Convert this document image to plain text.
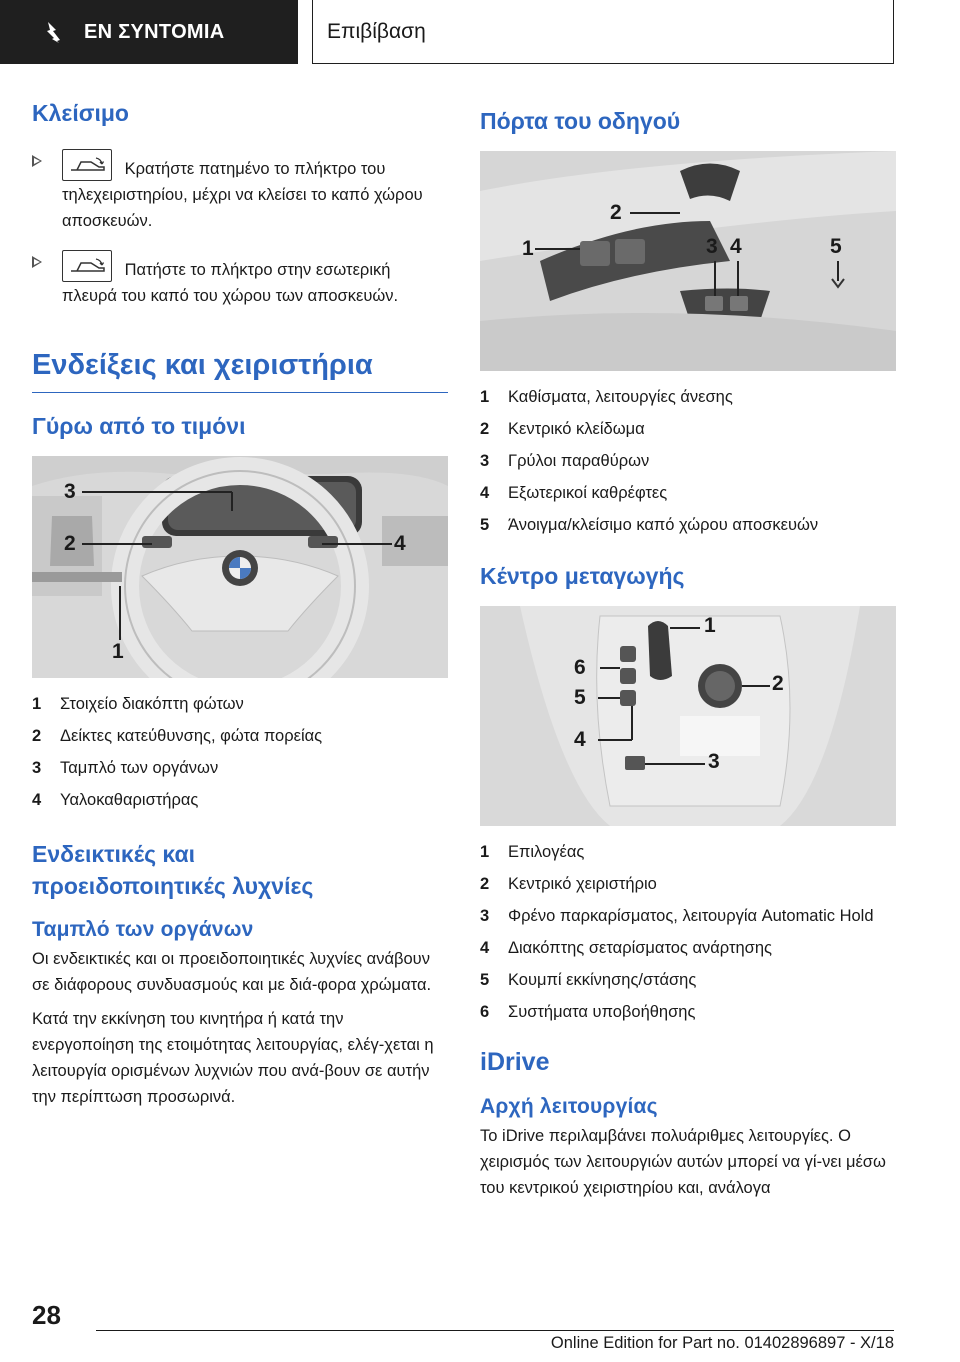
ΕΝ ΣΥΝΤΟΜΙΑ	Επιβίβαση
Κλείσιμο
Κρατήστε πατημένο το πλήκτρο του τηλεχειριστηρίου, μέχρι να κλείσει το καπό χώρου αποσκευών.
Πατήστε το πλήκτρο στην εσωτερική πλευρά του καπό του χώρου των αποσκευών.
Ενδείξεις και χειριστήρια
Γύρω από το τιμόνι
3
2	4
1
1	Στοιχείο διακόπτη φώτων
2	Δείκτες κατεύθυνσης, φώτα πορείας
3	Ταμπλό των οργάνων
4	Υαλοκαθαριστήρας
Ενδεικτικές και
προειδοποιητικές λυχνίες
Ταμπλό των οργάνων

Οι ενδεικτικές και οι προειδοποιητικές λυχνίες ανάβουν σε διάφορους συνδυασμούς και με διά-φορα χρώματα.

Κατά την εκκίνηση του κινητήρα ή κατά την ενεργοποίηση της ετοιμότητας λειτουργίας, ελέγ-χεται η λειτουργία ορισμένων λυχνιών που ανά-βουν σε αυτήν την περίπτωση προσωρινά.

Πόρτα του οδηγού
1
2
3 4	5
1	Καθίσματα, λειτουργίες άνεσης
2	Κεντρικό κλείδωμα
3	Γρύλοι παραθύρων
4	Εξωτερικοί καθρέφτες
5	Άνοιγμα/κλείσιμο καπό χώρου αποσκευών
Κέντρο μεταγωγής
1
2
3
4
5
6
1	Επιλογέας
2	Κεντρικό χειριστήριο
3	Φρένο παρκαρίσματος, λειτουργία Automatic Hold
4	Διακόπτης σεταρίσματος ανάρτησης
5	Κουμπί εκκίνησης/στάσης
6	Συστήματα υποβοήθησης
iDrive
Αρχή λειτουργίας

Το iDrive περιλαμβάνει πολυάριθμες λειτουργίες. Ο χειρισμός των λειτουργιών αυτών μπορεί να γί-νει μέσω του κεντρικού χειριστηρίου και, ανάλογα

28
Online Edition for Part no. 01402896897 - X/18
